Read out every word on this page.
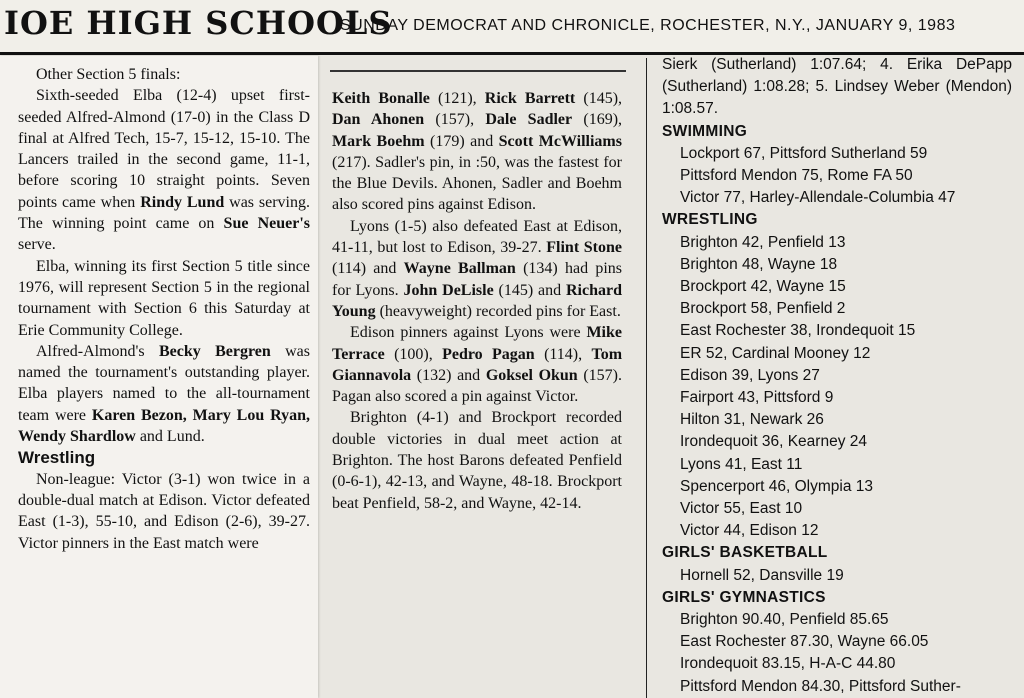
IOE HIGH SCHOOLS
SUNDAY DEMOCRAT AND CHRONICLE, ROCHESTER, N.Y., JANUARY 9, 1983

Other Section 5 finals:

Sixth-seeded Elba (12-4) upset first-seeded Alfred-Almond (17-0) in the Class D final at Alfred Tech, 15-7, 15-12, 15-10. The Lancers trailed in the second game, 11-1, before scoring 10 straight points. Seven points came when Rindy Lund was serving. The winning point came on Sue Neuer's serve.

Elba, winning its first Section 5 title since 1976, will represent Section 5 in the regional tournament with Section 6 this Saturday at Erie Community College.

Alfred-Almond's Becky Bergren was named the tournament's outstanding player. Elba players named to the all-tournament team were Karen Bezon, Mary Lou Ryan, Wendy Shardlow and Lund.

Wrestling

Non-league: Victor (3-1) won twice in a double-dual match at Edison. Victor defeated East (1-3), 55-10, and Edison (2-6), 39-27. Victor pinners in the East match were

Keith Bonalle (121), Rick Barrett (145), Dan Ahonen (157), Dale Sadler (169), Mark Boehm (179) and Scott McWilliams (217). Sadler's pin, in :50, was the fastest for the Blue Devils. Ahonen, Sadler and Boehm also scored pins against Edison.

Lyons (1-5) also defeated East at Edison, 41-11, but lost to Edison, 39-27. Flint Stone (114) and Wayne Ballman (134) had pins for Lyons. John DeLisle (145) and Richard Young (heavyweight) recorded pins for East.

Edison pinners against Lyons were Mike Terrace (100), Pedro Pagan (114), Tom Giannavola (132) and Goksel Okun (157). Pagan also scored a pin against Victor.

Brighton (4-1) and Brockport recorded double victories in dual meet action at Brighton. The host Barons defeated Penfield (0-6-1), 42-13, and Wayne, 48-18. Brockport beat Penfield, 58-2, and Wayne, 42-14.

Sierk (Sutherland) 1:07.64; 4. Erika DePapp (Sutherland) 1:08.28; 5. Lindsey Weber (Mendon) 1:08.57.
SWIMMING
Lockport 67, Pittsford Sutherland 59
Pittsford Mendon 75, Rome FA 50
Victor 77, Harley-Allendale-Columbia 47
WRESTLING
Brighton 42, Penfield 13
Brighton 48, Wayne 18
Brockport 42, Wayne 15
Brockport 58, Penfield 2
East Rochester 38, Irondequoit 15
ER 52, Cardinal Mooney 12
Edison 39, Lyons 27
Fairport 43, Pittsford 9
Hilton 31, Newark 26
Irondequoit 36, Kearney 24
Lyons 41, East 11
Spencerport 46, Olympia 13
Victor 55, East 10
Victor 44, Edison 12
GIRLS' BASKETBALL
Hornell 52, Dansville 19
GIRLS' GYMNASTICS
Brighton 90.40, Penfield 85.65
East Rochester 87.30, Wayne 66.05
Irondequoit 83.15, H-A-C 44.80
Pittsford Mendon 84.30, Pittsford Suther-
